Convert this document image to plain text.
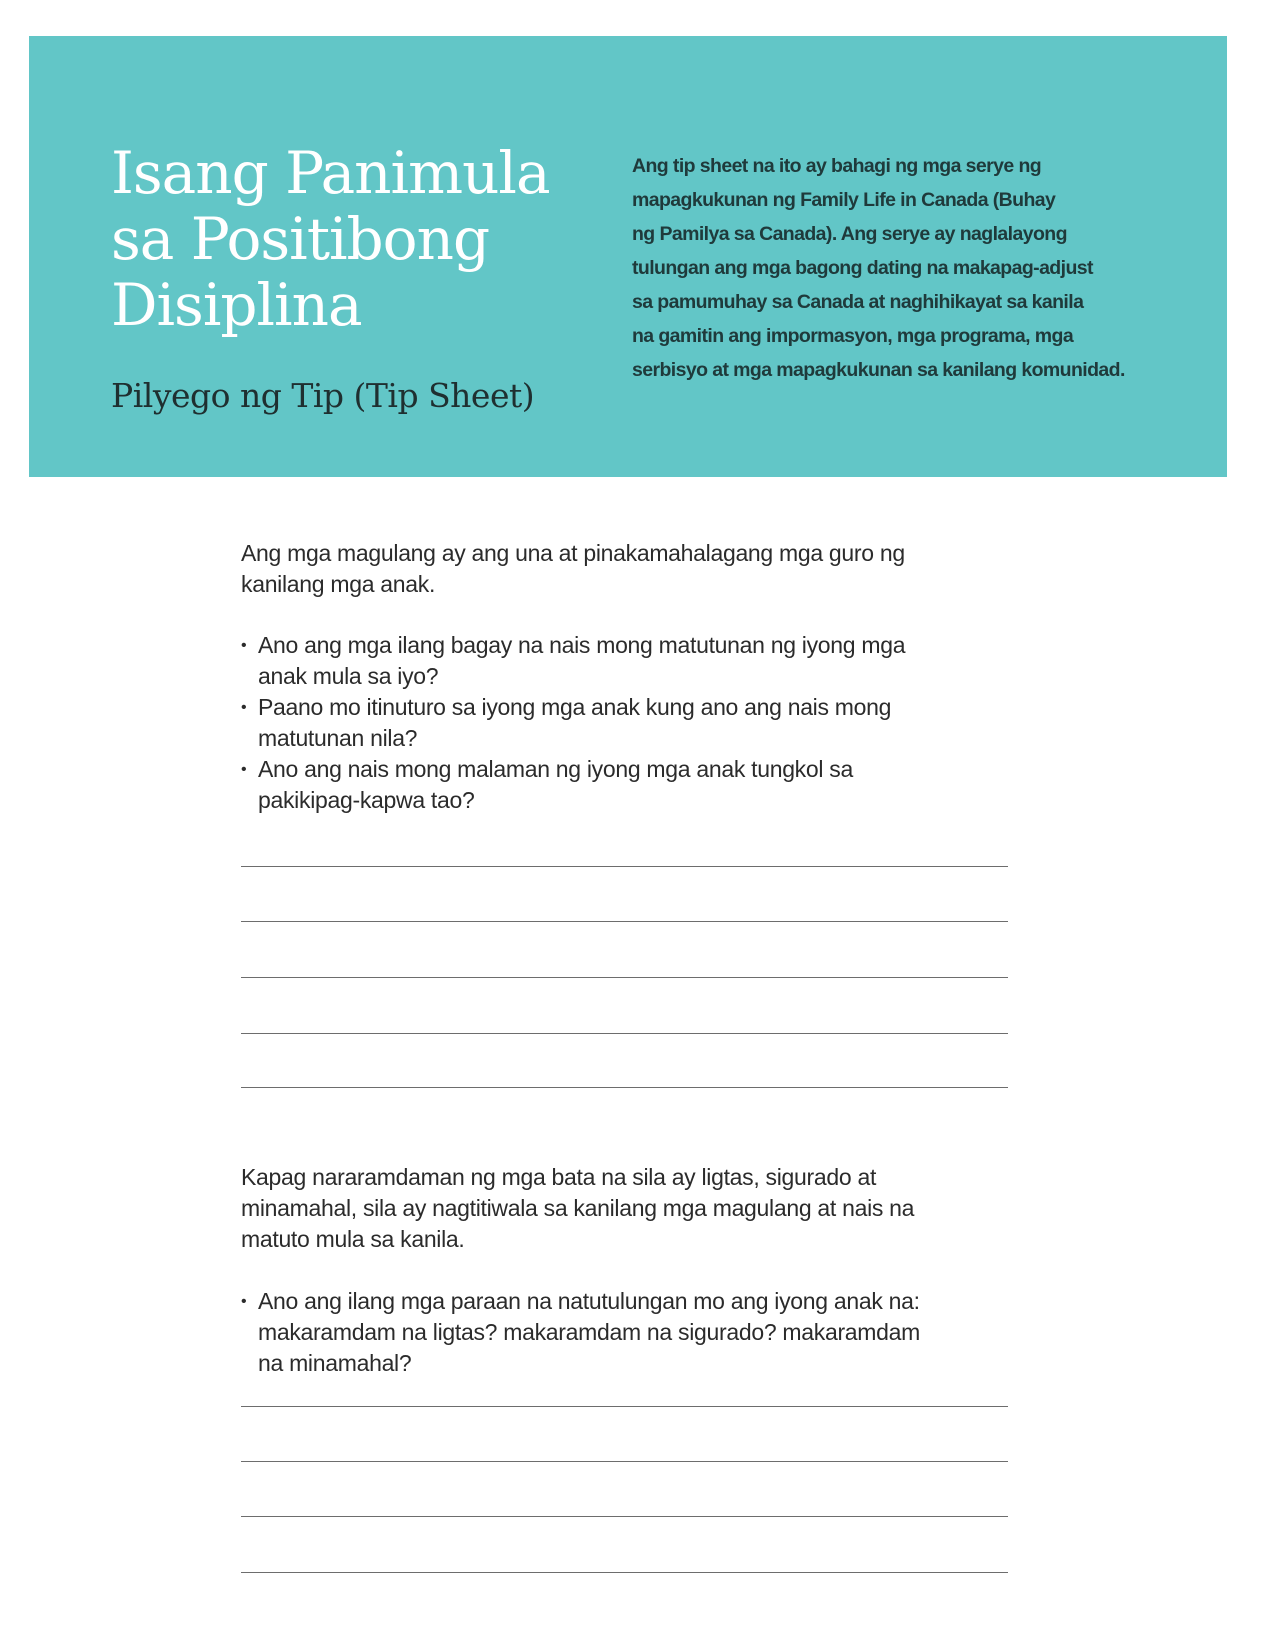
Isang Panimula
sa Positibong
Disiplina
Pilyego ng Tip (Tip Sheet)

Ang tip sheet na ito ay bahagi ng mga serye ng
mapagkukunan ng Family Life in Canada (Buhay
ng Pamilya sa Canada). Ang serye ay naglalayong
tulungan ang mga bagong dating na makapag-adjust
sa pamumuhay sa Canada at naghihikayat sa kanila
na gamitin ang impormasyon, mga programa, mga
serbisyo at mga mapagkukunan sa kanilang komunidad.

Ang mga magulang ay ang una at pinakamahalagang mga guro ng
kanilang mga anak.

• Ano ang mga ilang bagay na nais mong matutunan ng iyong mga
anak mula sa iyo?
• Paano mo itinuturo sa iyong mga anak kung ano ang nais mong
matutunan nila?
• Ano ang nais mong malaman ng iyong mga anak tungkol sa
pakikipag-kapwa tao?

Kapag nararamdaman ng mga bata na sila ay ligtas, sigurado at
minamahal, sila ay nagtitiwala sa kanilang mga magulang at nais na
matuto mula sa kanila.

• Ano ang ilang mga paraan na natutulungan mo ang iyong anak na:
makaramdam na ligtas? makaramdam na sigurado? makaramdam
na minamahal?
